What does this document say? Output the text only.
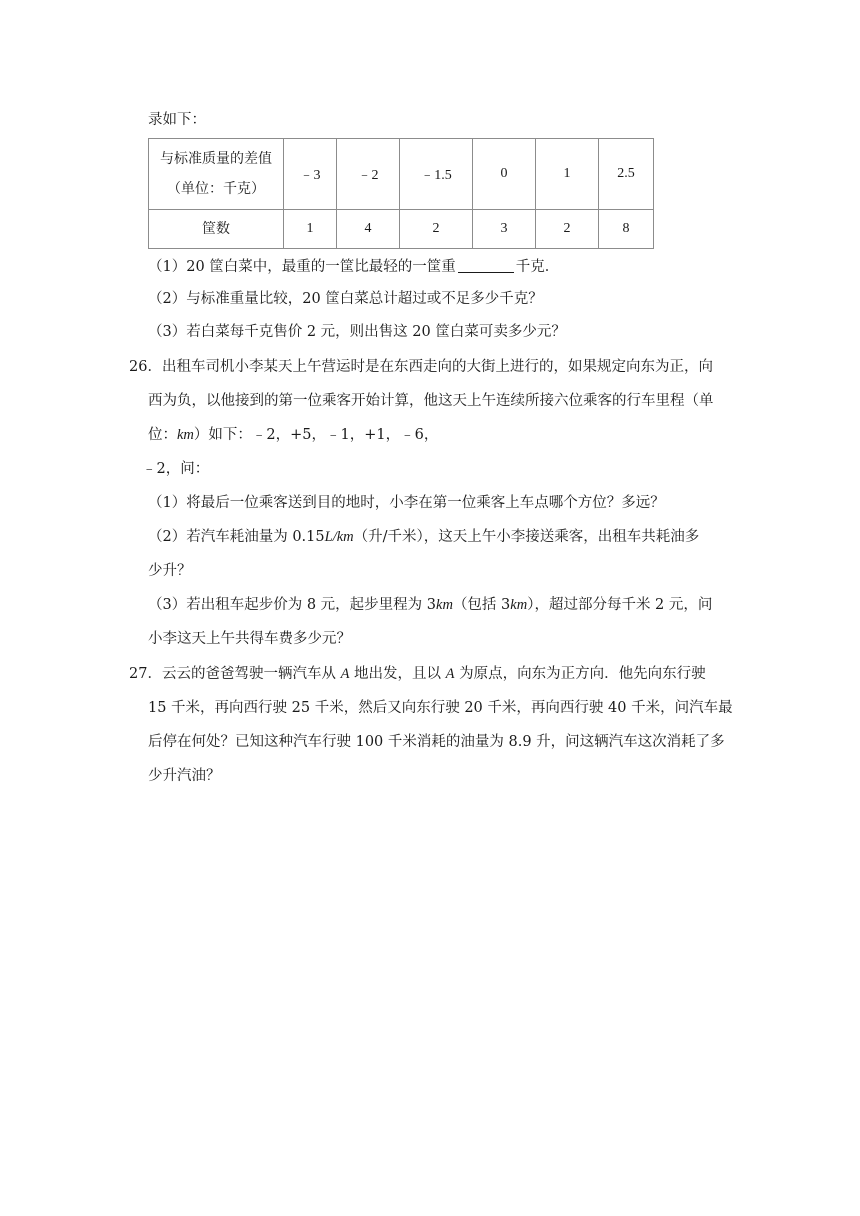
录如下：
与标准质量的差值
（单位：千克）	﹣3	﹣2	﹣1.5	0	1	2.5
筐数	1	4	2	3	2	8
（1）20 筐白菜中，最重的一筐比最轻的一筐重	千克．
（2）与标准重量比较，20 筐白菜总计超过或不足多少千克？
（3）若白菜每千克售价 2 元，则出售这 20 筐白菜可卖多少元？
26．出租车司机小李某天上午营运时是在东西走向的大街上进行的，如果规定向东为正，向
西为负，以他接到的第一位乘客开始计算，他这天上午连续所接六位乘客的行车里程（单
位：km）如下：﹣2，+5，﹣1，+1，﹣6，
﹣2，问：
（1）将最后一位乘客送到目的地时，小李在第一位乘客上车点哪个方位？多远？
（2）若汽车耗油量为 0.15L/km（升/千米），这天上午小李接送乘客，出租车共耗油多
少升？
（3）若出租车起步价为 8 元，起步里程为 3km（包括 3km），超过部分每千米 2 元，问
小李这天上午共得车费多少元？
27．云云的爸爸驾驶一辆汽车从 A 地出发，且以 A 为原点，向东为正方向．他先向东行驶
15 千米，再向西行驶 25 千米，然后又向东行驶 20 千米，再向西行驶 40 千米，问汽车最
后停在何处？已知这种汽车行驶 100 千米消耗的油量为 8.9 升，问这辆汽车这次消耗了多
少升汽油？
